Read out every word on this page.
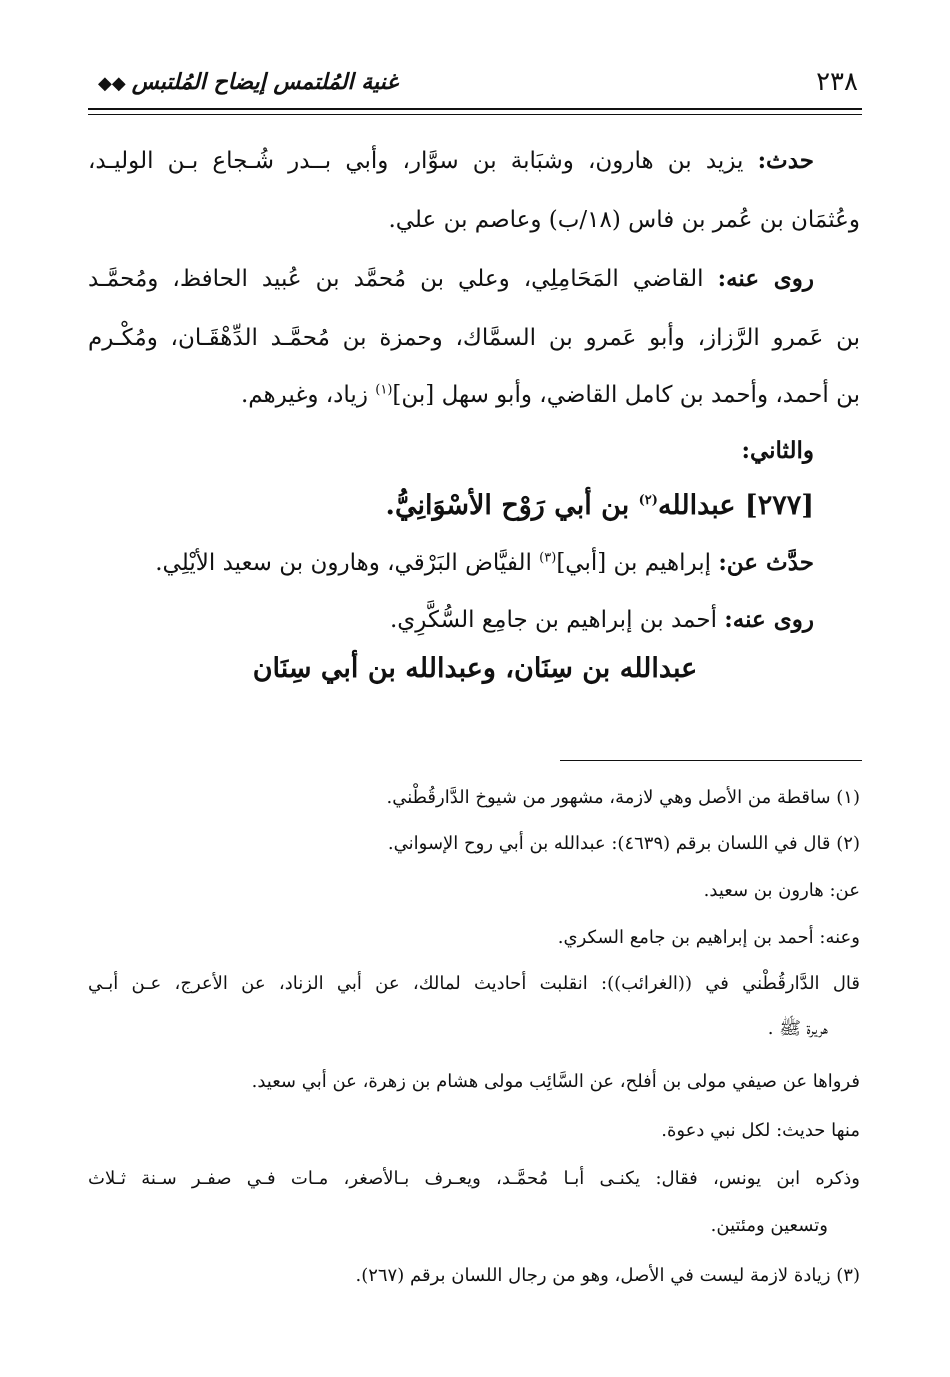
٢٣٨
غنية المُلتمس إيضاح المُلتبس◆◆
حدث: يزيد بن هارون، وشبَابة بن سوَّار، وأبي بــدر شُـجاع بـن الوليـد،
وعُثمَان بن عُمر بن فاس (١٨/ب) وعاصم بن علي.
روى عنه: القاضي المَحَامِلِي، وعلي بن مُحمَّد بن عُبيد الحافظ، ومُحمَّـد
بن عَمرو الرَّزاز، وأبو عَمرو بن السمَّاك، وحمزة بن مُحمَّـد الدِّهْقَـان، ومُكْـرم
بن أحمد، وأحمد بن كامل القاضي، وأبو سهل [بن]$^{(١)}$ زياد، وغيرهم.
والثاني:
[٢٧٧] عبدالله$^{(٢)}$ بن أبي رَوْح الأسْوَانِيُّ.
حدَّث عن: إبراهيم بن [أبي]$^{(٣)}$ الفيَّاض البَرْقي، وهارون بن سعيد الأيْلِي.
روى عنه: أحمد بن إبراهيم بن جامِع السُّكَّرِي.
عبدالله بن سِنَان، وعبدالله بن أبي سِنَان
(١) ساقطة من الأصل وهي لازمة، مشهور من شيوخ الدَّارقُطْني.
(٢) قال في اللسان برقم (٤٦٣٩): عبدالله بن أبي روح الإسواني.
عن: هارون بن سعيد.
وعنه: أحمد بن إبراهيم بن جامع السكري.
قال الدَّارقُطْني في ((الغرائب)): انقلبت أحاديث لمالك، عن أبي الزناد، عن الأعرج، عـن أبـي
هريرة ﷺ .
فرواها عن صيفي مولى بن أفلح، عن السَّائِب مولى هشام بن زهرة، عن أبي سعيد.
منها حديث: لكل نبي دعوة.
وذكره ابن يونس، فقال: يكنـى أبـا مُحمَّـد، ويعـرف بـالأصغر، مـات فـي صفـر سـنة ثـلاث
وتسعين ومئتين.
(٣) زيادة لازمة ليست في الأصل، وهو من رجال اللسان برقم (٢٦٧).
